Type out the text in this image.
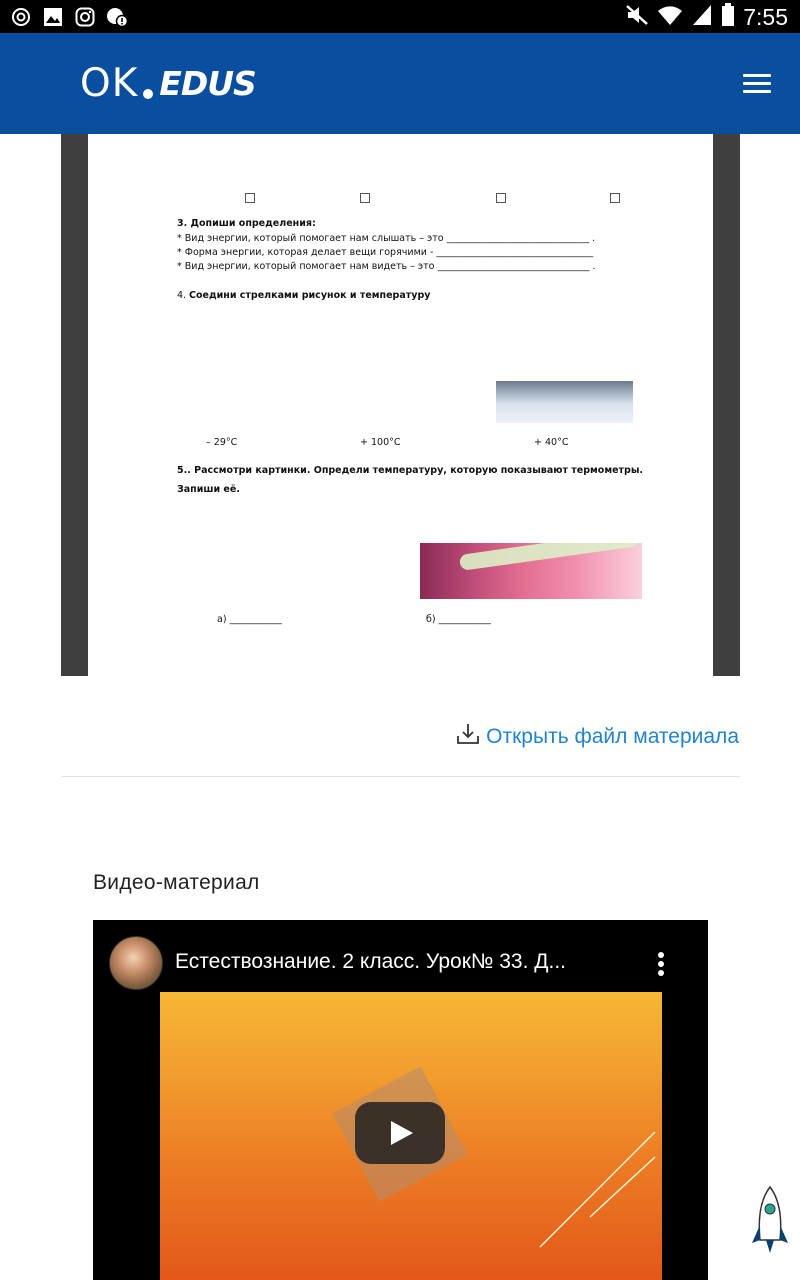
7:55
OK EDUS
3. Допиши определения:
* Вид энергии, который помогает нам слышать – это ______________________________ .
* Форма энергии, которая делает вещи горячими - _________________________________
* Вид энергии, который помогает нам видеть – это ________________________________ .
4. Соедини стрелками рисунок и температуру
– 29°C	+ 100°C	+ 40°C
5.. Рассмотри картинки. Определи температуру, которую показывают термометры.
Запиши её.
а) ___________	б) ___________
Открыть файл материала
Видео-материал
Естествознание. 2 класс. Урок№ 33. Д...
